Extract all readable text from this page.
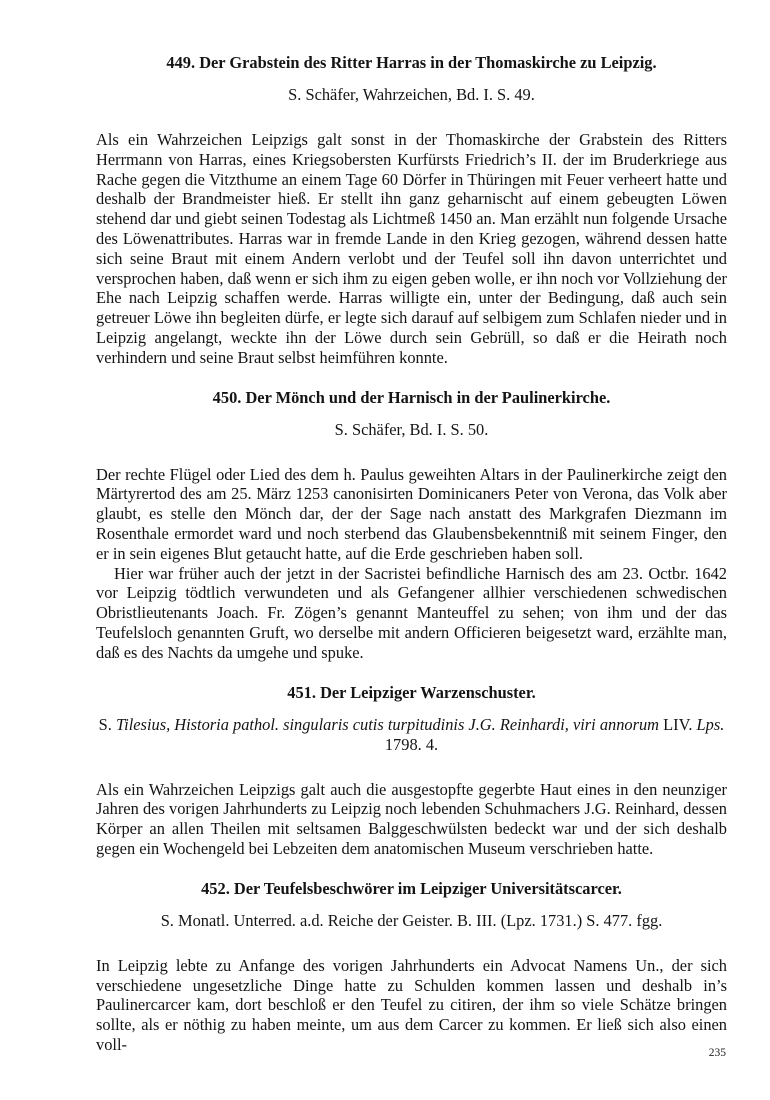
449. Der Grabstein des Ritter Harras in der Thomaskirche zu Leipzig.

S. Schäfer, Wahrzeichen, Bd. I. S. 49.

Als ein Wahrzeichen Leipzigs galt sonst in der Thomaskirche der Grabstein des Ritters Herrmann von Harras, eines Kriegsobersten Kurfürsts Friedrich’s II. der im Bruderkriege aus Rache gegen die Vitzthume an einem Tage 60 Dörfer in Thüringen mit Feuer verheert hatte und deshalb der Brandmeister hieß. Er stellt ihn ganz geharnischt auf einem gebeugten Löwen stehend dar und giebt seinen Todestag als Lichtmeß 1450 an. Man erzählt nun folgende Ursache des Löwenattributes. Harras war in fremde Lande in den Krieg gezogen, während dessen hatte sich seine Braut mit einem Andern verlobt und der Teufel soll ihn davon unterrichtet und versprochen haben, daß wenn er sich ihm zu eigen geben wolle, er ihn noch vor Vollziehung der Ehe nach Leipzig schaffen werde. Harras willigte ein, unter der Bedingung, daß auch sein getreuer Löwe ihn begleiten dürfe, er legte sich darauf auf selbigem zum Schlafen nieder und in Leipzig angelangt, weckte ihn der Löwe durch sein Gebrüll, so daß er die Heirath noch verhindern und seine Braut selbst heimführen konnte.

450. Der Mönch und der Harnisch in der Paulinerkirche.

S. Schäfer, Bd. I. S. 50.

Der rechte Flügel oder Lied des dem h. Paulus geweihten Altars in der Paulinerkirche zeigt den Märtyrertod des am 25. März 1253 canonisirten Dominicaners Peter von Verona, das Volk aber glaubt, es stelle den Mönch dar, der der Sage nach anstatt des Markgrafen Diezmann im Rosenthale ermordet ward und noch sterbend das Glaubensbekenntniß mit seinem Finger, den er in sein eigenes Blut getaucht hatte, auf die Erde geschrieben haben soll.

Hier war früher auch der jetzt in der Sacristei befindliche Harnisch des am 23. Octbr. 1642 vor Leipzig tödtlich verwundeten und als Gefangener allhier verschiedenen schwedischen Obristlieutenants Joach. Fr. Zögen’s genannt Manteuffel zu sehen; von ihm und der das Teufelsloch genannten Gruft, wo derselbe mit andern Officieren beigesetzt ward, erzählte man, daß es des Nachts da umgehe und spuke.

451. Der Leipziger Warzenschuster.

S. Tilesius, Historia pathol. singularis cutis turpitudinis J.G. Reinhardi, viri annorum LIV. Lps. 1798. 4.

Als ein Wahrzeichen Leipzigs galt auch die ausgestopfte gegerbte Haut eines in den neunziger Jahren des vorigen Jahrhunderts zu Leipzig noch lebenden Schuhmachers J.G. Reinhard, dessen Körper an allen Theilen mit seltsamen Balggeschwülsten bedeckt war und der sich deshalb gegen ein Wochengeld bei Lebzeiten dem anatomischen Museum verschrieben hatte.

452. Der Teufelsbeschwörer im Leipziger Universitätscarcer.

S. Monatl. Unterred. a.d. Reiche der Geister. B. III. (Lpz. 1731.) S. 477. fgg.

In Leipzig lebte zu Anfange des vorigen Jahrhunderts ein Advocat Namens Un., der sich verschiedene ungesetzliche Dinge hatte zu Schulden kommen lassen und deshalb in’s Paulinercarcer kam, dort beschloß er den Teufel zu citiren, der ihm so viele Schätze bringen sollte, als er nöthig zu haben meinte, um aus dem Carcer zu kommen. Er ließ sich also einen voll-	235
